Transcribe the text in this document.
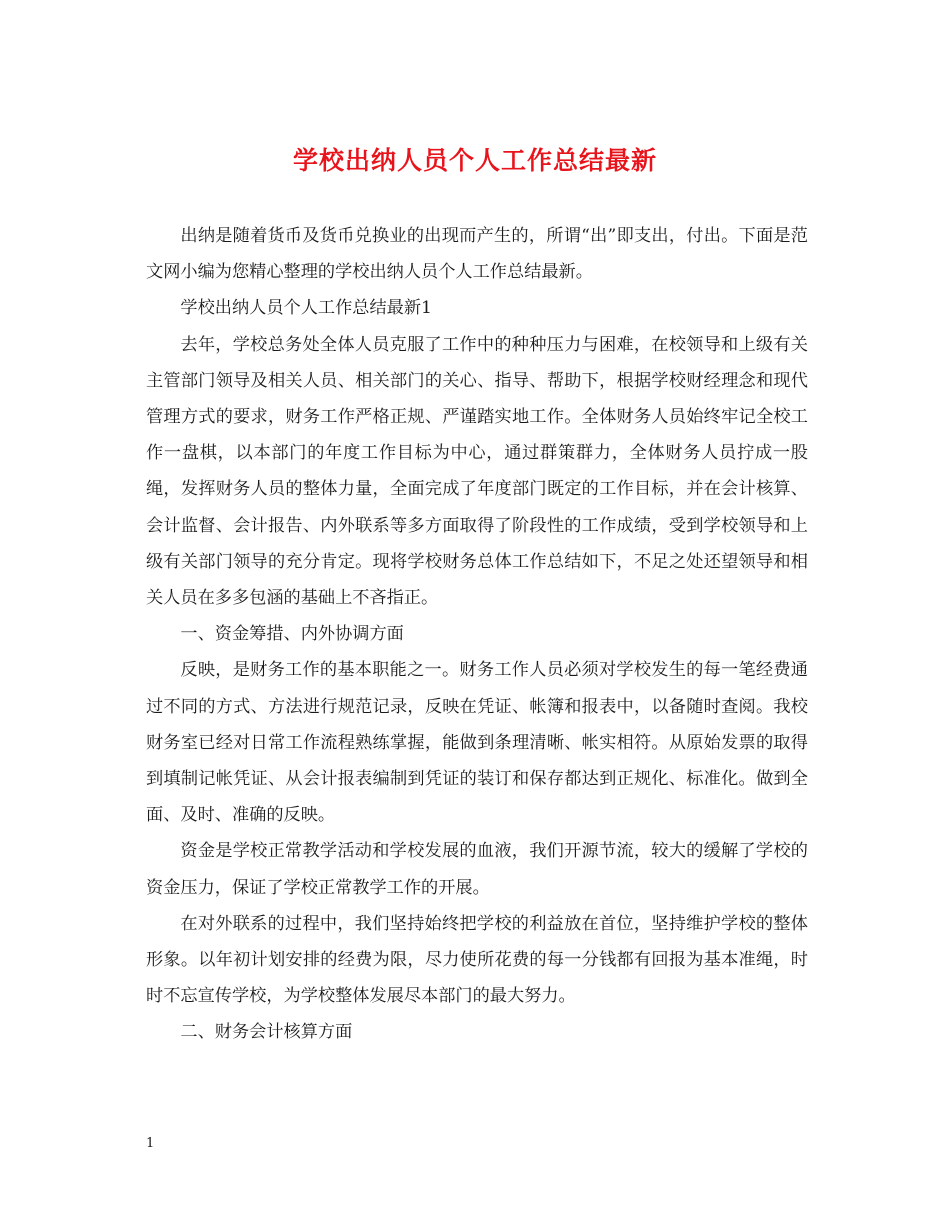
学校出纳人员个人工作总结最新

出纳是随着货币及货币兑换业的出现而产生的，所谓“出”即支出，付出。下面是范文网小编为您精心整理的学校出纳人员个人工作总结最新。

学校出纳人员个人工作总结最新1

去年，学校总务处全体人员克服了工作中的种种压力与困难，在校领导和上级有关主管部门领导及相关人员、相关部门的关心、指导、帮助下，根据学校财经理念和现代管理方式的要求，财务工作严格正规、严谨踏实地工作。全体财务人员始终牢记全校工作一盘棋，以本部门的年度工作目标为中心，通过群策群力，全体财务人员拧成一股绳，发挥财务人员的整体力量，全面完成了年度部门既定的工作目标，并在会计核算、会计监督、会计报告、内外联系等多方面取得了阶段性的工作成绩，受到学校领导和上级有关部门领导的充分肯定。现将学校财务总体工作总结如下，不足之处还望领导和相关人员在多多包涵的基础上不吝指正。

一、资金筹措、内外协调方面

反映，是财务工作的基本职能之一。财务工作人员必须对学校发生的每一笔经费通过不同的方式、方法进行规范记录，反映在凭证、帐簿和报表中，以备随时查阅。我校财务室已经对日常工作流程熟练掌握，能做到条理清晰、帐实相符。从原始发票的取得到填制记帐凭证、从会计报表编制到凭证的装订和保存都达到正规化、标准化。做到全面、及时、准确的反映。

资金是学校正常教学活动和学校发展的血液，我们开源节流，较大的缓解了学校的资金压力，保证了学校正常教学工作的开展。

在对外联系的过程中，我们坚持始终把学校的利益放在首位，坚持维护学校的整体形象。以年初计划安排的经费为限，尽力使所花费的每一分钱都有回报为基本准绳，时时不忘宣传学校，为学校整体发展尽本部门的最大努力。

二、财务会计核算方面

1
